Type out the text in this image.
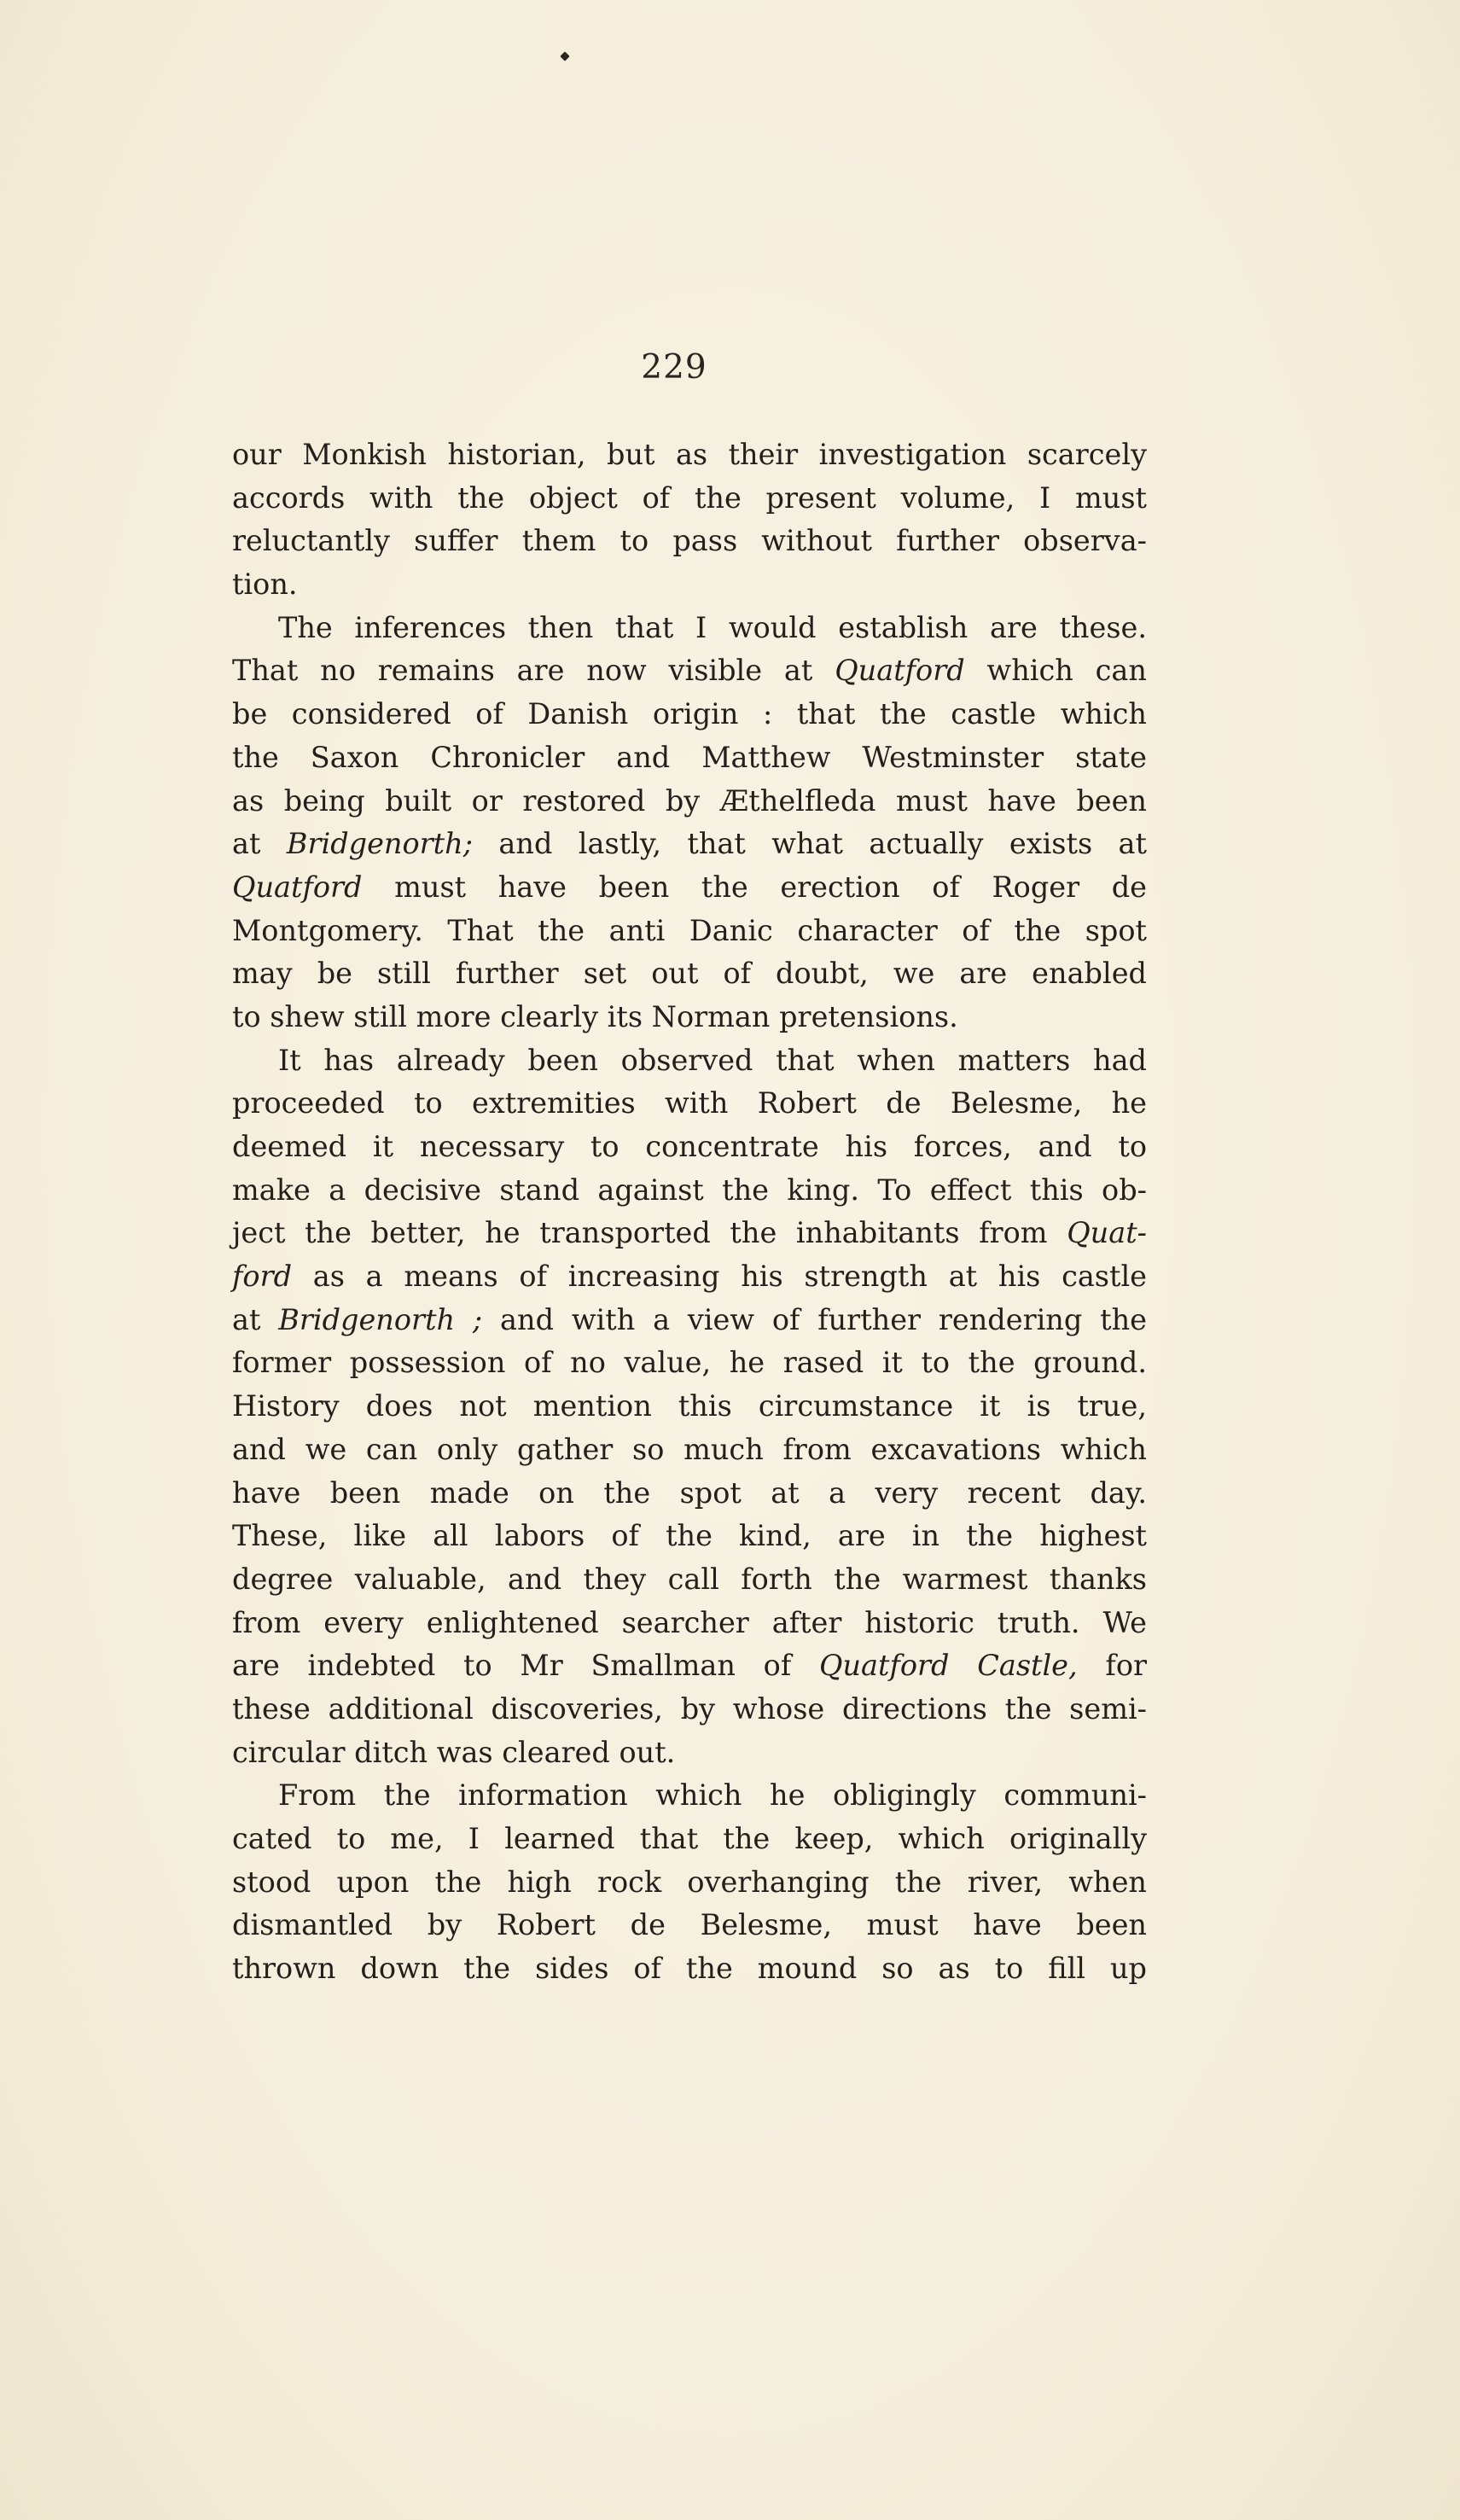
229
our Monkish historian, but as their investigation scarcely
accords with the object of the present volume, I must
reluctantly suffer them to pass without further observa-
tion.
The inferences then that I would establish are these.
That no remains are now visible at Quatford which can
be considered of Danish origin : that the castle which
the Saxon Chronicler and Matthew Westminster state
as being built or restored by Æthelfleda must have been
at Bridgenorth; and lastly, that what actually exists at
Quatford must have been the erection of Roger de
Montgomery. That the anti Danic character of the spot
may be still further set out of doubt, we are enabled
to shew still more clearly its Norman pretensions.
It has already been observed that when matters had
proceeded to extremities with Robert de Belesme, he
deemed it necessary to concentrate his forces, and to
make a decisive stand against the king. To effect this ob-
ject the better, he transported the inhabitants from Quat-
ford as a means of increasing his strength at his castle
at Bridgenorth ; and with a view of further rendering the
former possession of no value, he rased it to the ground.
History does not mention this circumstance it is true,
and we can only gather so much from excavations which
have been made on the spot at a very recent day.
These, like all labors of the kind, are in the highest
degree valuable, and they call forth the warmest thanks
from every enlightened searcher after historic truth. We
are indebted to Mr Smallman of Quatford Castle, for
these additional discoveries, by whose directions the semi-
circular ditch was cleared out.
From the information which he obligingly communi-
cated to me, I learned that the keep, which originally
stood upon the high rock overhanging the river, when
dismantled by Robert de Belesme, must have been
thrown down the sides of the mound so as to fill up
